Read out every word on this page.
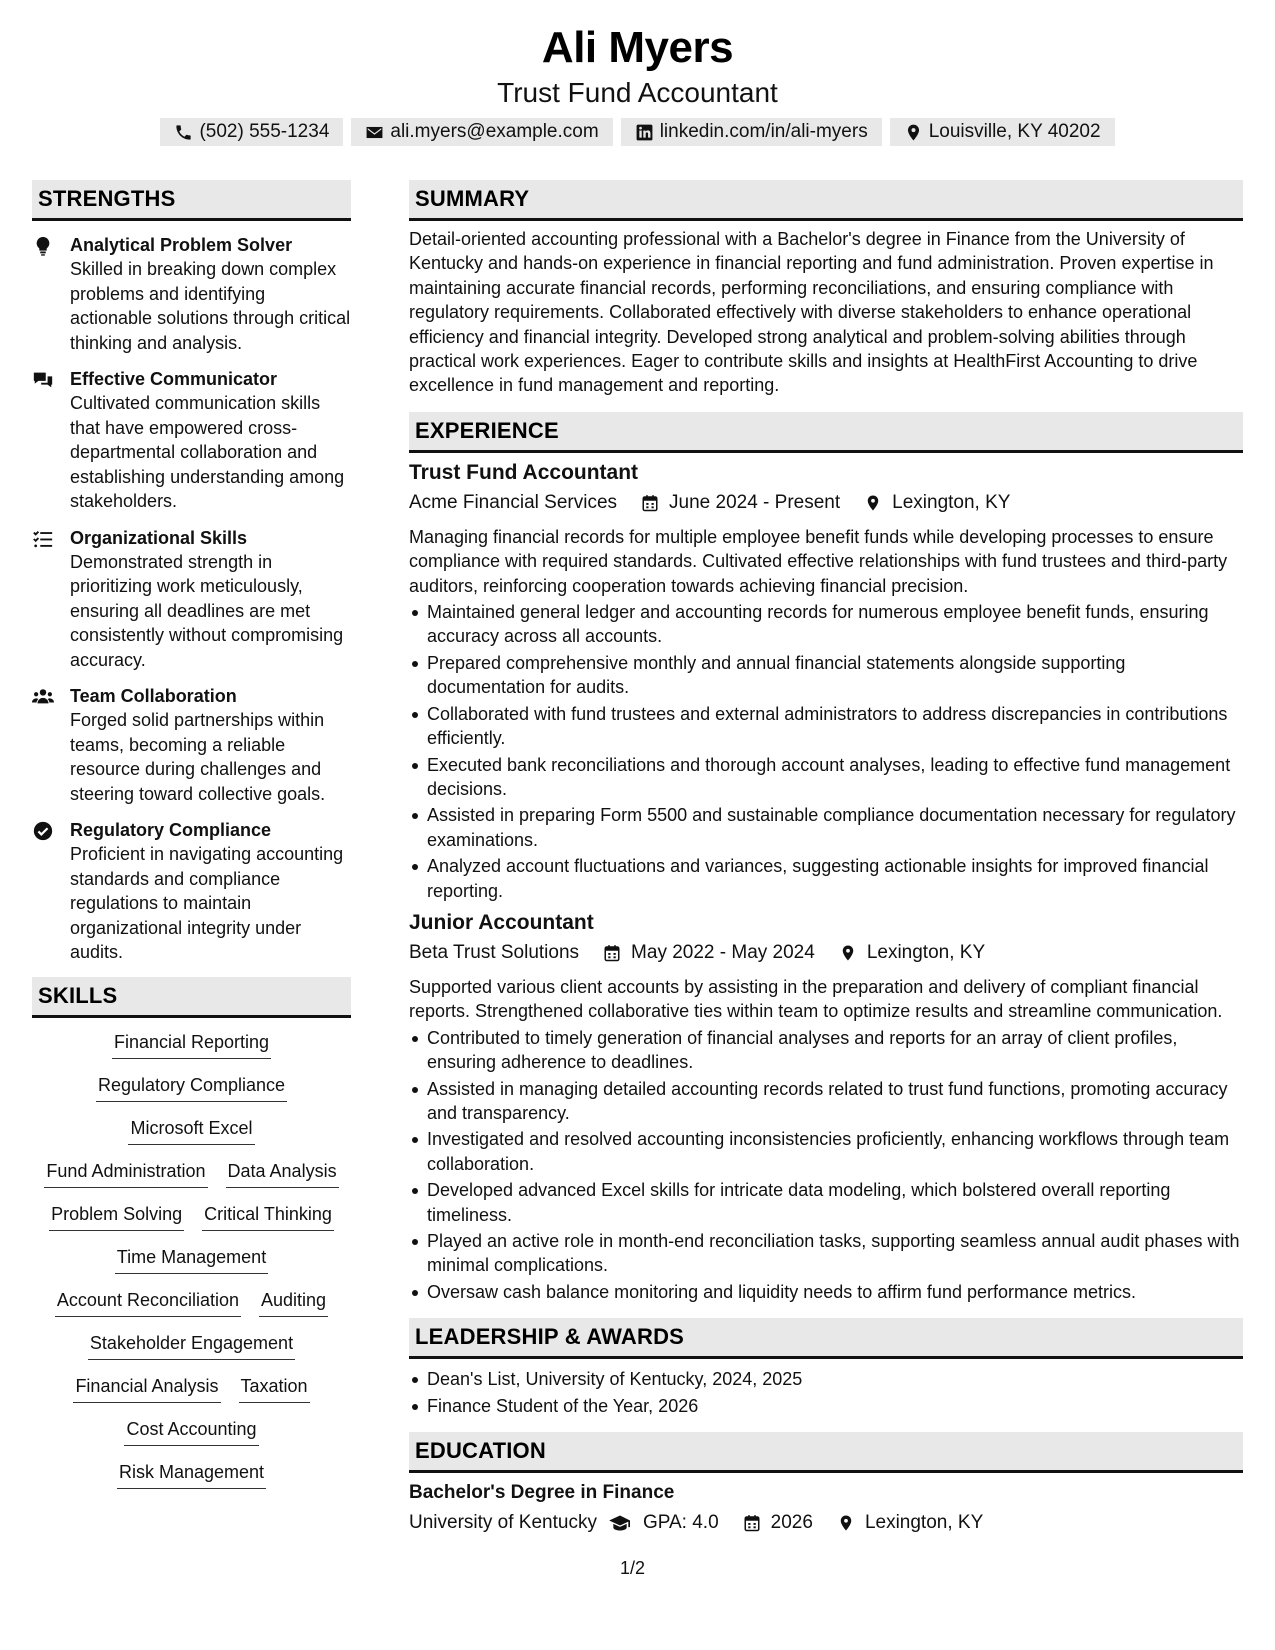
Ali Myers
Trust Fund Accountant
(502) 555-1234	ali.myers@example.com	linkedin.com/in/ali-myers	Louisville, KY 40202
STRENGTHS
Analytical Problem Solver
Skilled in breaking down complex problems and identifying actionable solutions through critical thinking and analysis.
Effective Communicator
Cultivated communication skills that have empowered cross-departmental collaboration and establishing understanding among stakeholders.
Organizational Skills
Demonstrated strength in prioritizing work meticulously, ensuring all deadlines are met consistently without compromising accuracy.
Team Collaboration
Forged solid partnerships within teams, becoming a reliable resource during challenges and steering toward collective goals.
Regulatory Compliance
Proficient in navigating accounting standards and compliance regulations to maintain organizational integrity under audits.
SKILLS
Financial Reporting
Regulatory Compliance
Microsoft Excel
Fund Administration Data Analysis
Problem Solving Critical Thinking
Time Management
Account Reconciliation Auditing
Stakeholder Engagement
Financial Analysis Taxation
Cost Accounting
Risk Management
SUMMARY
Detail-oriented accounting professional with a Bachelor's degree in Finance from the University of Kentucky and hands-on experience in financial reporting and fund administration. Proven expertise in maintaining accurate financial records, performing reconciliations, and ensuring compliance with regulatory requirements. Collaborated effectively with diverse stakeholders to enhance operational efficiency and financial integrity. Developed strong analytical and problem-solving abilities through practical work experiences. Eager to contribute skills and insights at HealthFirst Accounting to drive excellence in fund management and reporting.
EXPERIENCE
Trust Fund Accountant
Acme Financial Services	June 2024 - Present	Lexington, KY
Managing financial records for multiple employee benefit funds while developing processes to ensure compliance with required standards. Cultivated effective relationships with fund trustees and third-party auditors, reinforcing cooperation towards achieving financial precision.
Maintained general ledger and accounting records for numerous employee benefit funds, ensuring accuracy across all accounts.
Prepared comprehensive monthly and annual financial statements alongside supporting documentation for audits.
Collaborated with fund trustees and external administrators to address discrepancies in contributions efficiently.
Executed bank reconciliations and thorough account analyses, leading to effective fund management decisions.
Assisted in preparing Form 5500 and sustainable compliance documentation necessary for regulatory examinations.
Analyzed account fluctuations and variances, suggesting actionable insights for improved financial reporting.
Junior Accountant
Beta Trust Solutions	May 2022 - May 2024	Lexington, KY
Supported various client accounts by assisting in the preparation and delivery of compliant financial reports. Strengthened collaborative ties within team to optimize results and streamline communication.
Contributed to timely generation of financial analyses and reports for an array of client profiles, ensuring adherence to deadlines.
Assisted in managing detailed accounting records related to trust fund functions, promoting accuracy and transparency.
Investigated and resolved accounting inconsistencies proficiently, enhancing workflows through team collaboration.
Developed advanced Excel skills for intricate data modeling, which bolstered overall reporting timeliness.
Played an active role in month-end reconciliation tasks, supporting seamless annual audit phases with minimal complications.
Oversaw cash balance monitoring and liquidity needs to affirm fund performance metrics.
LEADERSHIP & AWARDS
Dean's List, University of Kentucky, 2024, 2025
Finance Student of the Year, 2026
EDUCATION
Bachelor's Degree in Finance
University of Kentucky GPA: 4.0	2026	Lexington, KY
1/2
